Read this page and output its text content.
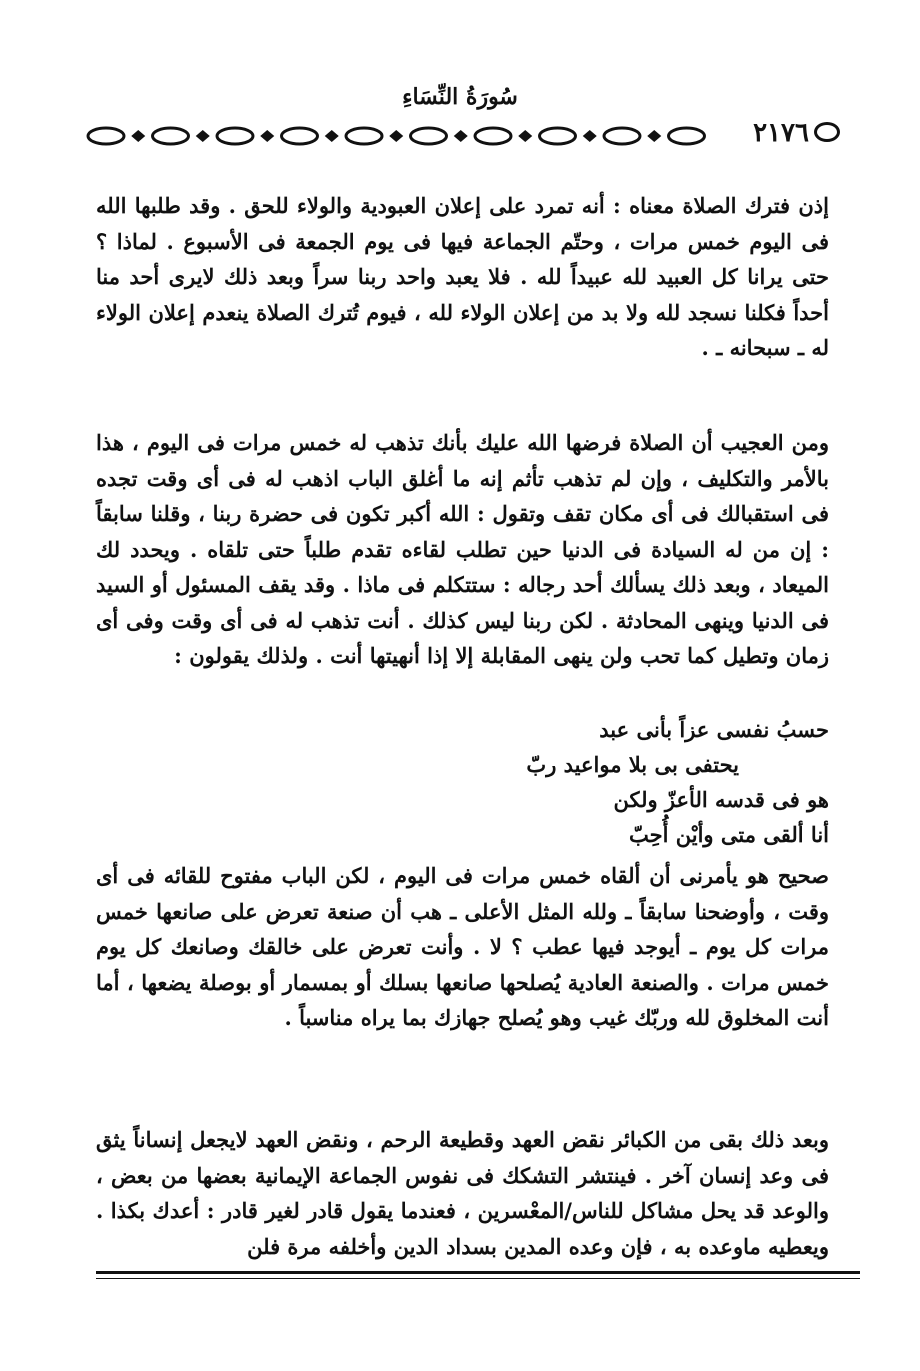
سُورَةُ النِّسَاءِ
٢١٧٦

إذن فترك الصلاة معناه : أنه تمرد على إعلان العبودية والولاء للحق . وقد طلبها الله فى اليوم خمس مرات ، وحتّم الجماعة فيها فى يوم الجمعة فى الأسبوع . لماذا ؟ حتى يرانا كل العبيد لله عبيداً لله . فلا يعبد واحد ربنا سراً وبعد ذلك لايرى أحد منا أحداً فكلنا نسجد لله ولا بد من إعلان الولاء لله ، فيوم تُترك الصلاة ينعدم إعلان الولاء له ـ سبحانه ـ .

ومن العجيب أن الصلاة فرضها الله عليك بأنك تذهب له خمس مرات فى اليوم ، هذا بالأمر والتكليف ، وإن لم تذهب تأثم إنه ما أغلق الباب اذهب له فى أى وقت تجده فى استقبالك فى أى مكان تقف وتقول : الله أكبر تكون فى حضرة ربنا ، وقلنا سابقاً : إن من له السيادة فى الدنيا حين تطلب لقاءه تقدم طلباً حتى تلقاه . ويحدد لك الميعاد ، وبعد ذلك يسألك أحد رجاله : ستتكلم فى ماذا . وقد يقف المسئول أو السيد فى الدنيا وينهى المحادثة . لكن ربنا ليس كذلك . أنت تذهب له فى أى وقت وفى أى زمان وتطيل كما تحب ولن ينهى المقابلة إلا إذا أنهيتها أنت . ولذلك يقولون :

حسبُ نفسى عزاً بأنى عبد
يحتفى بى بلا مواعيد ربّ
هو فى قدسه الأعزّ ولكن
أنا ألقى متى وأيْن أُحِبّ

صحيح هو يأمرنى أن ألقاه خمس مرات فى اليوم ، لكن الباب مفتوح للقائه فى أى وقت ، وأوضحنا سابقاً ـ ولله المثل الأعلى ـ هب أن صنعة تعرض على صانعها خمس مرات كل يوم ـ أيوجد فيها عطب ؟ لا . وأنت تعرض على خالقك وصانعك كل يوم خمس مرات . والصنعة العادية يُصلحها صانعها بسلك أو بمسمار أو بوصلة يضعها ، أما أنت المخلوق لله وربّك غيب وهو يُصلح جهازك بما يراه مناسباً .

وبعد ذلك بقى من الكبائر نقض العهد وقطيعة الرحم ، ونقض العهد لايجعل إنساناً يثق فى وعد إنسان آخر . فينتشر التشكك فى نفوس الجماعة الإيمانية بعضها من بعض ، والوعد قد يحل مشاكل للناس/المعْسرين ، فعندما يقول قادر لغير قادر : أعدك بكذا . ويعطيه ماوعده به ، فإن وعده المدين بسداد الدين وأخلفه مرة فلن
